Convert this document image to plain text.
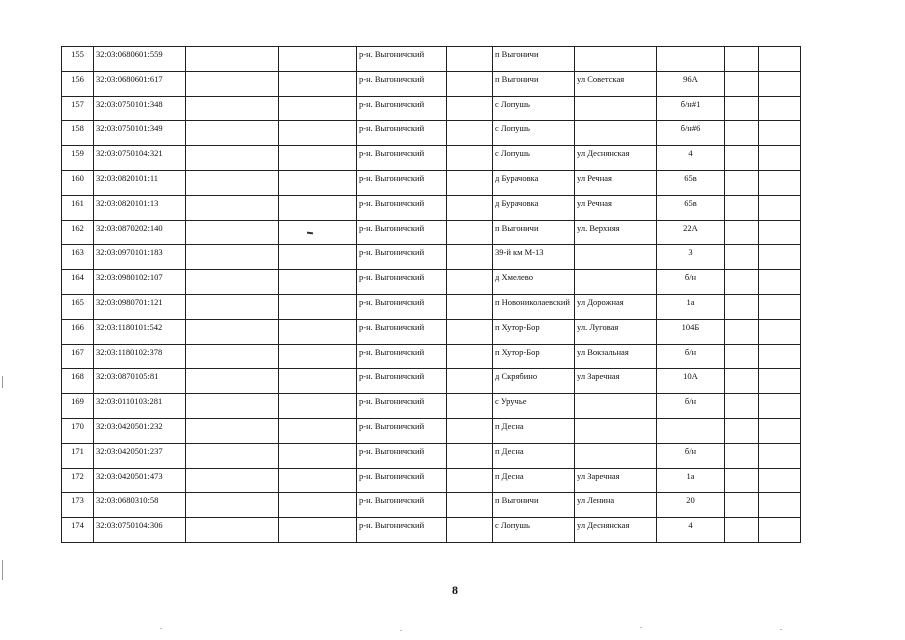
155	32:03:0680601:559			р-н. Выгоничский		п Выгоничи				
156	32:03:0680601:617			р-н. Выгоничский		п Выгоничи	ул Советская	96А		
157	32:03:0750101:348			р-н. Выгоничский		с Лопушь		б/н#1		
158	32:03:0750101:349			р-н. Выгоничский		с Лопушь		б/н#6		
159	32:03:0750104:321			р-н. Выгоничский		с Лопушь	ул Деснянская	4		
160	32:03:0820101:11			р-н. Выгоничский		д Бурачовка	ул Речная	65в		
161	32:03:0820101:13			р-н. Выгоничский		д Бурачовка	ул Речная	65в		
162	32:03:0870202:140			р-н. Выгоничский		п Выгоничи	ул. Верхняя	22А		
163	32:03:0970101:183			р-н. Выгоничский		39-й км М-13		3		
164	32:03:0980102:107			р-н. Выгоничский		д Хмелево		б/н		
165	32:03:0980701:121			р-н. Выгоничский		п Новониколаевский	ул Дорожная	1а		
166	32:03:1180101:542			р-н. Выгоничский		п Хутор-Бор	ул. Луговая	104Б		
167	32:03:1180102:378			р-н. Выгоничский		п Хутор-Бор	ул Вокзальная	б/н		
168	32:03:0870105:81			р-н. Выгоничский		д Скрябино	ул Заречная	10А		
169	32:03:0110103:281			р-н. Выгоничский		с Уручье		б/н		
170	32:03:0420501:232			р-н. Выгоничский		п Десна				
171	32:03:0420501:237			р-н. Выгоничский		п Десна		б/н		
172	32:03:0420501:473			р-н. Выгоничский		п Десна	ул Заречная	1а		
173	32:03:0680310:58			р-н. Выгоничский		п Выгоничи	ул Ленина	20		
174	32:03:0750104:306			р-н. Выгоничский		с Лопушь	ул Деснянская	4		
8
